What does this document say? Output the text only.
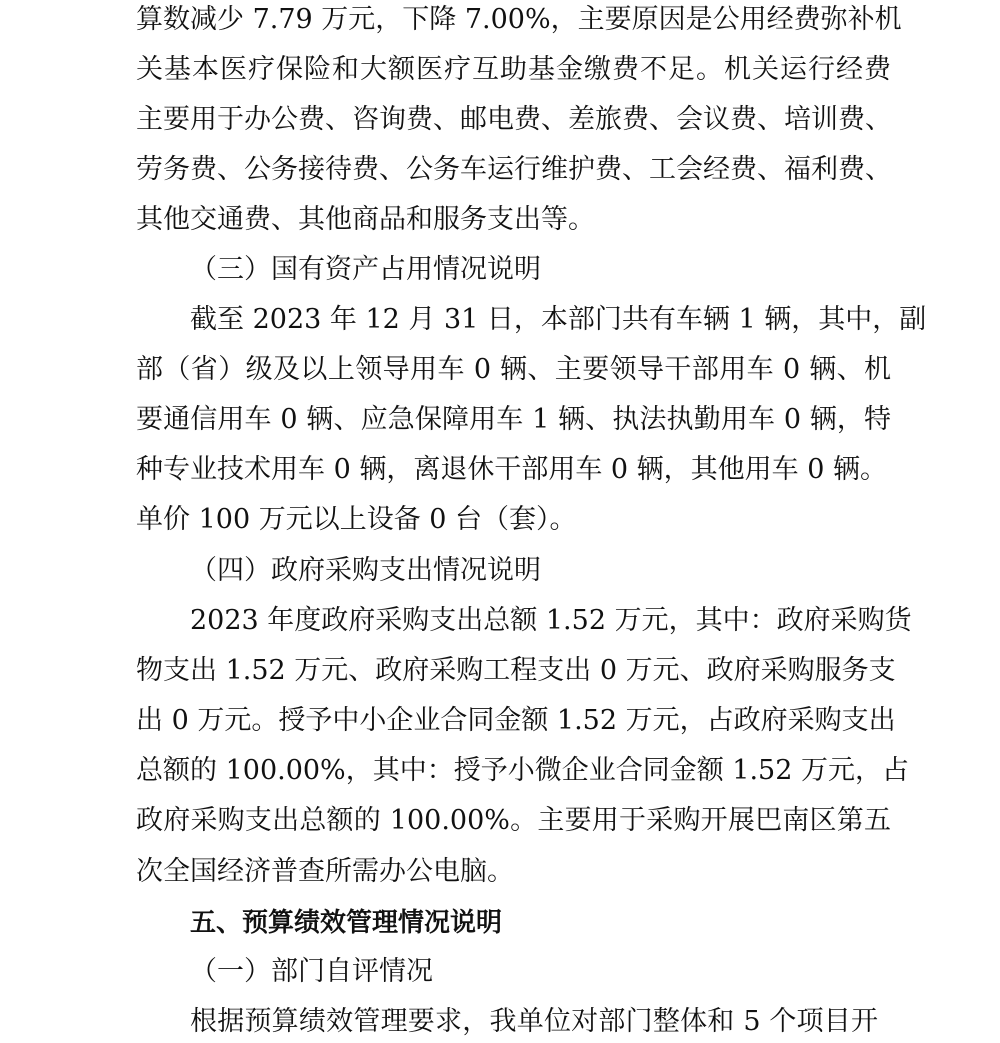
算数减少 7.79 万元，下降 7.00%，主要原因是公用经费弥补机
关基本医疗保险和大额医疗互助基金缴费不足。机关运行经费
主要用于办公费、咨询费、邮电费、差旅费、会议费、培训费、
劳务费、公务接待费、公务车运行维护费、工会经费、福利费、
其他交通费、其他商品和服务支出等。
（三）国有资产占用情况说明
截至 2023 年 12 月 31 日，本部门共有车辆 1 辆，其中，副
部（省）级及以上领导用车 0 辆、主要领导干部用车 0 辆、机
要通信用车 0 辆、应急保障用车 1 辆、执法执勤用车 0 辆，特
种专业技术用车 0 辆，离退休干部用车 0 辆，其他用车 0 辆。
单价 100 万元以上设备 0 台（套）。
（四）政府采购支出情况说明
2023 年度政府采购支出总额 1.52 万元，其中：政府采购货
物支出 1.52 万元、政府采购工程支出 0 万元、政府采购服务支
出 0 万元。授予中小企业合同金额 1.52 万元，占政府采购支出
总额的 100.00%，其中：授予小微企业合同金额 1.52 万元，占
政府采购支出总额的 100.00%。主要用于采购开展巴南区第五
次全国经济普查所需办公电脑。
五、预算绩效管理情况说明
（一）部门自评情况
根据预算绩效管理要求，我单位对部门整体和 5 个项目开
